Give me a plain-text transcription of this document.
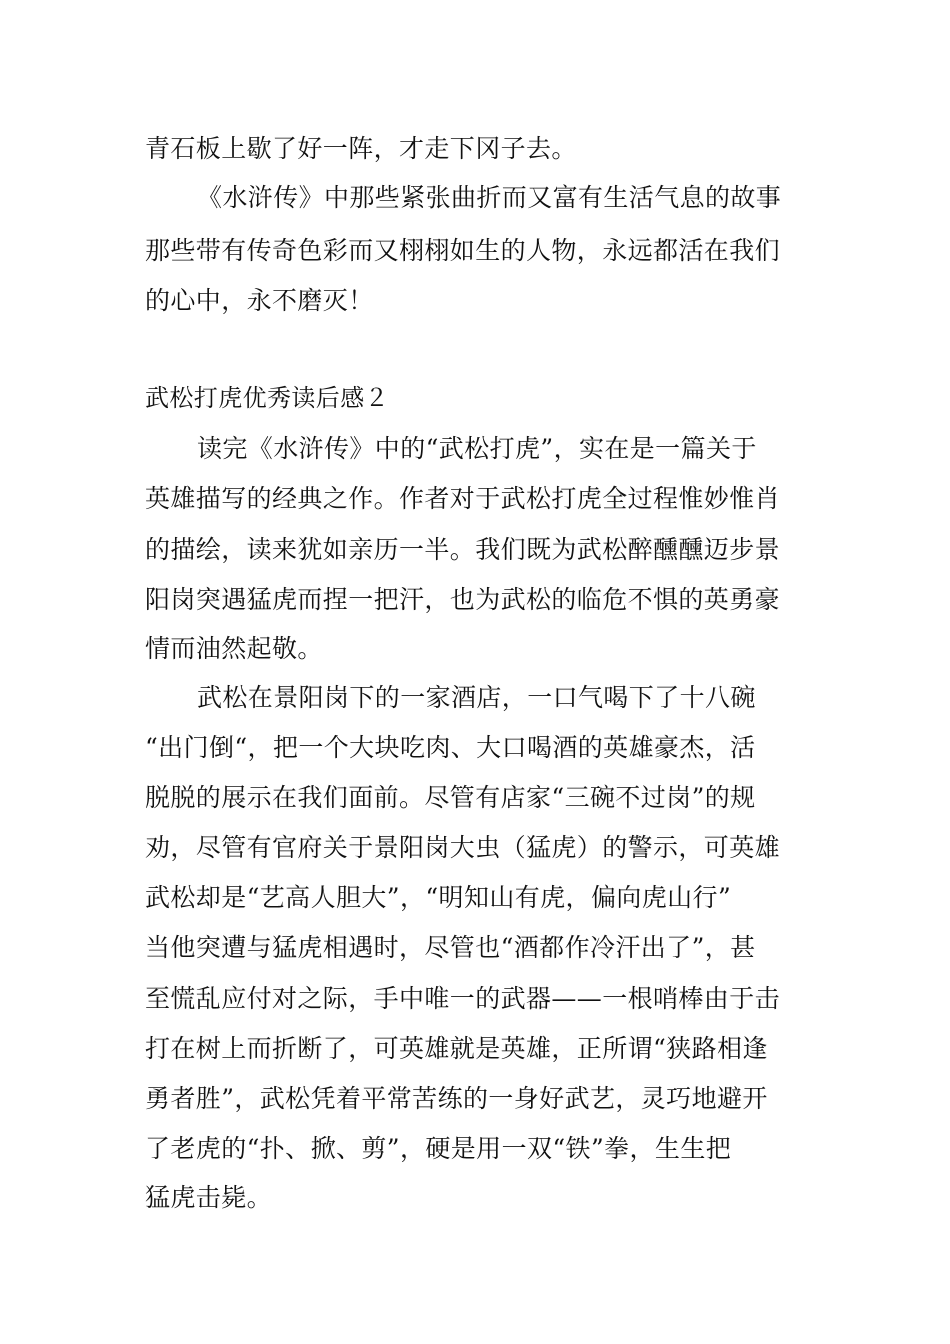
青石板上歇了好一阵，才走下冈子去。
《水浒传》中那些紧张曲折而又富有生活气息的故事
那些带有传奇色彩而又栩栩如生的人物，永远都活在我们
的心中，永不磨灭！
武松打虎优秀读后感２
读完《水浒传》中的“武松打虎”，实在是一篇关于
英雄描写的经典之作。作者对于武松打虎全过程惟妙惟肖
的描绘，读来犹如亲历一半。我们既为武松醉醺醺迈步景
阳岗突遇猛虎而捏一把汗，也为武松的临危不惧的英勇豪
情而油然起敬。
武松在景阳岗下的一家酒店，一口气喝下了十八碗
“出门倒“，把一个大块吃肉、大口喝酒的英雄豪杰，活
脱脱的展示在我们面前。尽管有店家“三碗不过岗”的规
劝，尽管有官府关于景阳岗大虫（猛虎）的警示，可英雄
武松却是“艺高人胆大”，“明知山有虎，偏向虎山行”
当他突遭与猛虎相遇时，尽管也“酒都作冷汗出了”，甚
至慌乱应付对之际，手中唯一的武器——一根哨棒由于击
打在树上而折断了，可英雄就是英雄，正所谓“狭路相逢
勇者胜”，武松凭着平常苦练的一身好武艺，灵巧地避开
了老虎的“扑、掀、剪”，硬是用一双“铁”拳，生生把
猛虎击毙。
